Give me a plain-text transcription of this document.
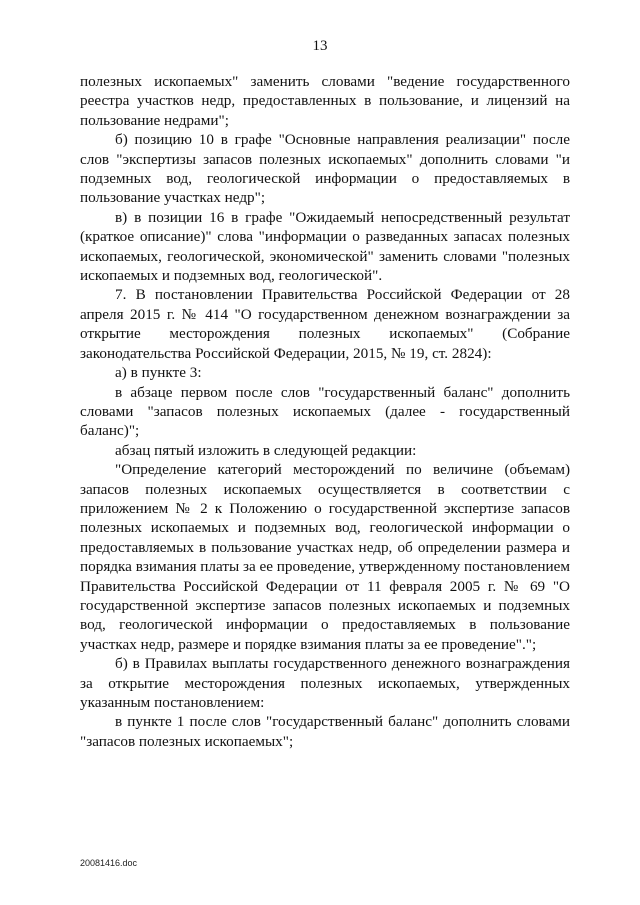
13

полезных ископаемых" заменить словами "ведение государственного реестра участков недр, предоставленных в пользование, и лицензий на пользование недрами";

б) позицию 10 в графе "Основные направления реализации" после слов "экспертизы запасов полезных ископаемых" дополнить словами "и подземных вод, геологической информации о предоставляемых в пользование участках недр";

в) в позиции 16 в графе "Ожидаемый непосредственный результат (краткое описание)" слова "информации о разведанных запасах полезных ископаемых, геологической, экономической" заменить словами "полезных ископаемых и подземных вод, геологической".

7. В постановлении Правительства Российской Федерации от 28 апреля 2015 г. № 414 "О государственном денежном вознаграждении за открытие месторождения полезных ископаемых" (Собрание законодательства Российской Федерации, 2015, № 19, ст. 2824):

а) в пункте 3:

в абзаце первом после слов "государственный баланс" дополнить словами "запасов полезных ископаемых (далее - государственный баланс)";

абзац пятый изложить в следующей редакции:

"Определение категорий месторождений по величине (объемам) запасов полезных ископаемых осуществляется в соответствии с приложением № 2 к Положению о государственной экспертизе запасов полезных ископаемых и подземных вод, геологической информации о предоставляемых в пользование участках недр, об определении размера и порядка взимания платы за ее проведение, утвержденному постановлением Правительства Российской Федерации от 11 февраля 2005 г. № 69 "О государственной экспертизе запасов полезных ископаемых и подземных вод, геологической информации о предоставляемых в пользование участках недр, размере и порядке взимания платы за ее проведение".";

б) в Правилах выплаты государственного денежного вознаграждения за открытие месторождения полезных ископаемых, утвержденных указанным постановлением:

в пункте 1 после слов "государственный баланс" дополнить словами "запасов полезных ископаемых";

20081416.doc
